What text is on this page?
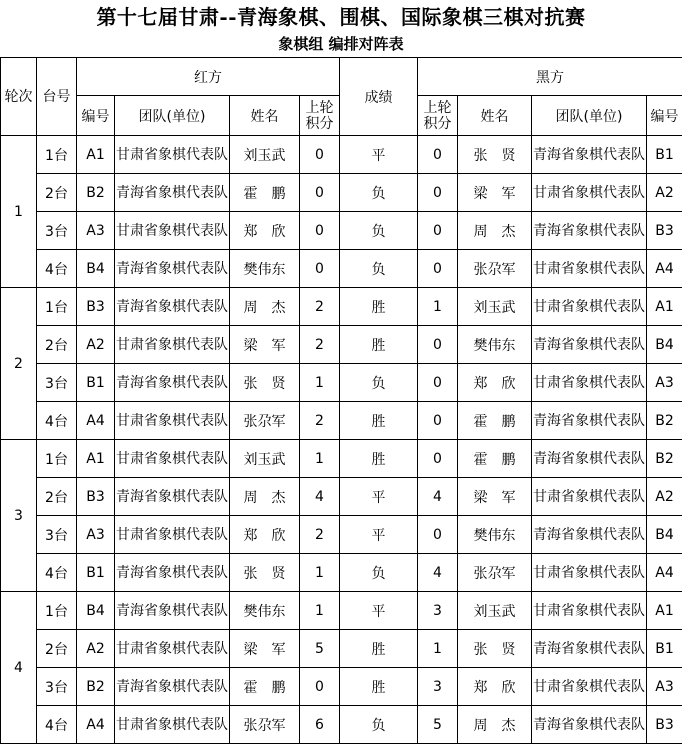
第十七届甘肃--青海象棋、围棋、国际象棋三棋对抗赛
象棋组 编排对阵表
轮次	台号	红方				成绩	黑方			
		编号	团队(单位)	姓名	上轮积分		上轮积分	姓名	团队(单位)	编号
1	1台	A1	甘肃省象棋代表队	刘玉武	0	平	0	张　贤	青海省象棋代表队	B1
	2台	B2	青海省象棋代表队	霍　鹏	0	负	0	梁　军	甘肃省象棋代表队	A2
	3台	A3	甘肃省象棋代表队	郑　欣	0	负	0	周　杰	青海省象棋代表队	B3
	4台	B4	青海省象棋代表队	樊伟东	0	负	0	张尕军	甘肃省象棋代表队	A4
2	1台	B3	青海省象棋代表队	周　杰	2	胜	1	刘玉武	甘肃省象棋代表队	A1
	2台	A2	甘肃省象棋代表队	梁　军	2	胜	0	樊伟东	青海省象棋代表队	B4
	3台	B1	青海省象棋代表队	张　贤	1	负	0	郑　欣	甘肃省象棋代表队	A3
	4台	A4	甘肃省象棋代表队	张尕军	2	胜	0	霍　鹏	青海省象棋代表队	B2
3	1台	A1	甘肃省象棋代表队	刘玉武	1	胜	0	霍　鹏	青海省象棋代表队	B2
	2台	B3	青海省象棋代表队	周　杰	4	平	4	梁　军	甘肃省象棋代表队	A2
	3台	A3	甘肃省象棋代表队	郑　欣	2	平	0	樊伟东	青海省象棋代表队	B4
	4台	B1	青海省象棋代表队	张　贤	1	负	4	张尕军	甘肃省象棋代表队	A4
4	1台	B4	青海省象棋代表队	樊伟东	1	平	3	刘玉武	甘肃省象棋代表队	A1
	2台	A2	甘肃省象棋代表队	梁　军	5	胜	1	张　贤	青海省象棋代表队	B1
	3台	B2	青海省象棋代表队	霍　鹏	0	胜	3	郑　欣	甘肃省象棋代表队	A3
	4台	A4	甘肃省象棋代表队	张尕军	6	负	5	周　杰	青海省象棋代表队	B3
